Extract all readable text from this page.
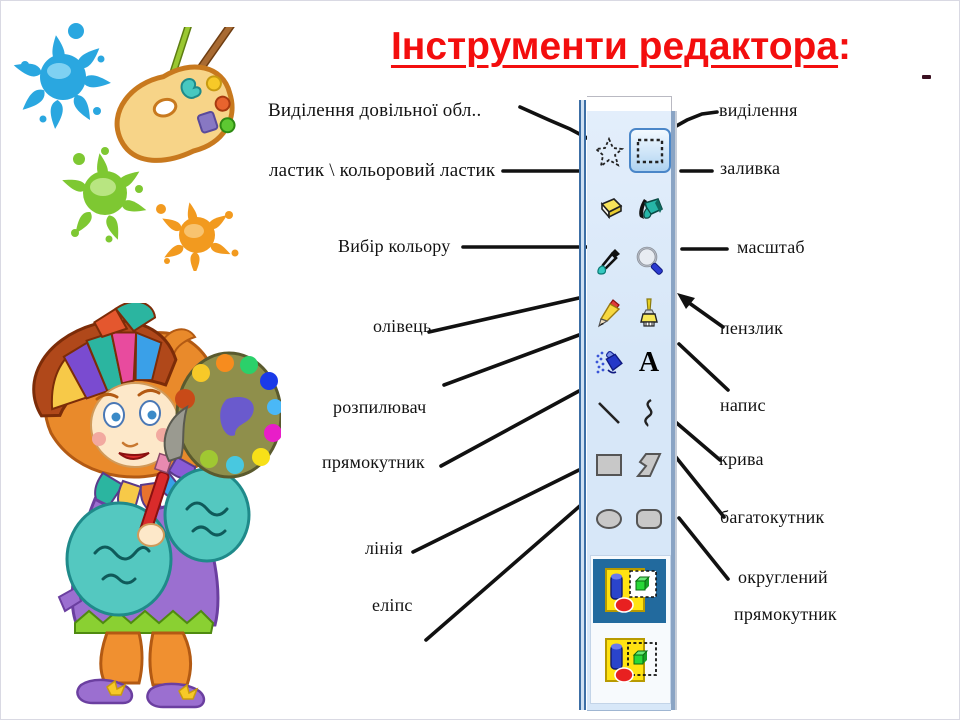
Інструменти редактора:
Виділення довільної обл..
ластик \ кольоровий ластик
Вибір кольору
олівець
розпилювач
прямокутник
лінія
еліпс
виділення
заливка
масштаб
пензлик
напис
крива
багатокутник
округлений
прямокутник
A
